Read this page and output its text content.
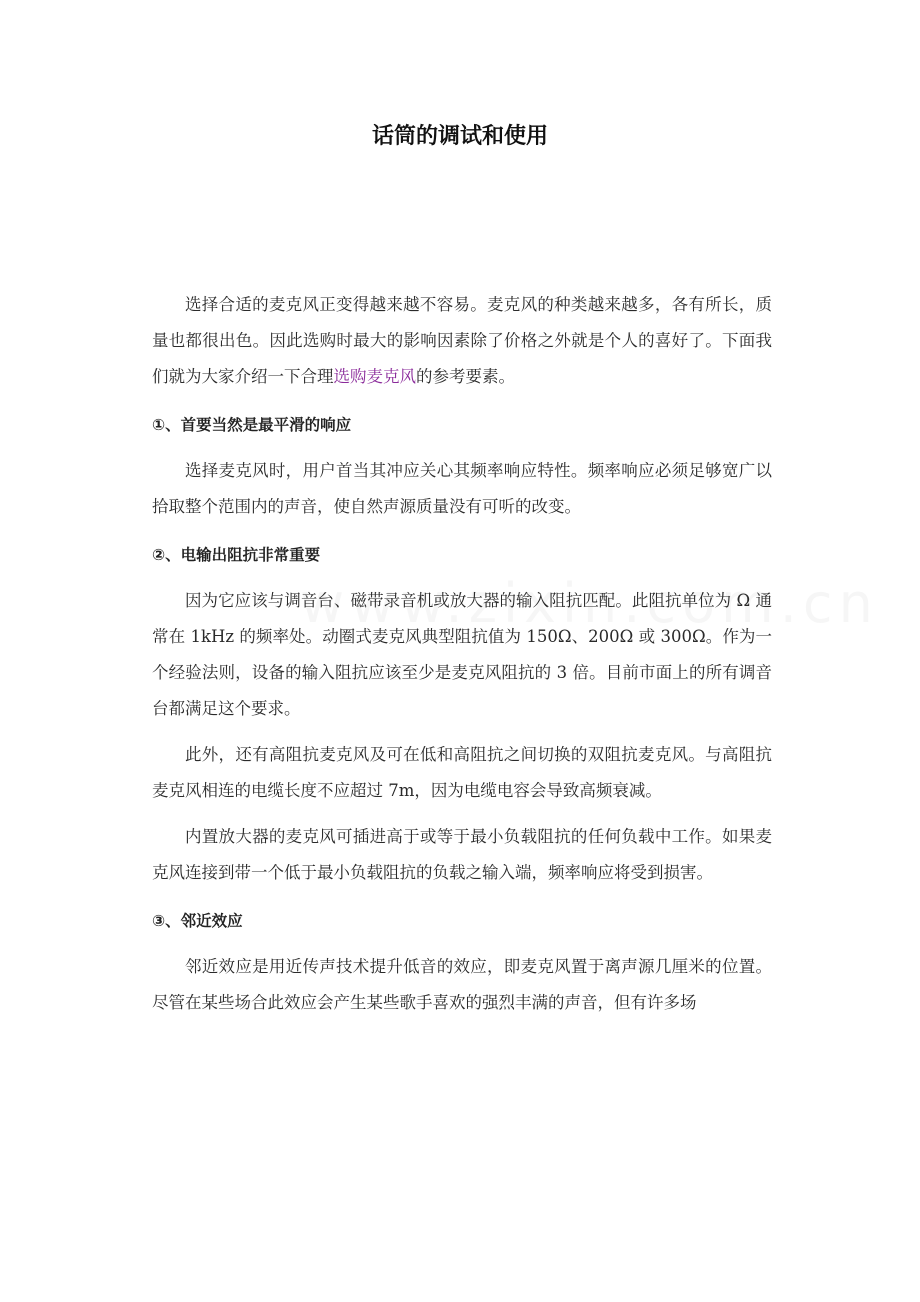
话筒的调试和使用

选择合适的麦克风正变得越来越不容易。麦克风的种类越来越多，各有所长，质量也都很出色。因此选购时最大的影响因素除了价格之外就是个人的喜好了。下面我们就为大家介绍一下合理选购麦克风的参考要素。

①、首要当然是最平滑的响应

选择麦克风时，用户首当其冲应关心其频率响应特性。频率响应必须足够宽广以拾取整个范围内的声音，使自然声源质量没有可听的改变。

②、电输出阻抗非常重要

因为它应该与调音台、磁带录音机或放大器的输入阻抗匹配。此阻抗单位为 Ω 通常在 1kHz 的频率处。动圈式麦克风典型阻抗值为 150Ω、200Ω 或 300Ω。作为一个经验法则，设备的输入阻抗应该至少是麦克风阻抗的 3 倍。目前市面上的所有调音台都满足这个要求。

此外，还有高阻抗麦克风及可在低和高阻抗之间切换的双阻抗麦克风。与高阻抗麦克风相连的电缆长度不应超过 7m，因为电缆电容会导致高频衰减。

内置放大器的麦克风可插进高于或等于最小负载阻抗的任何负载中工作。如果麦克风连接到带一个低于最小负载阻抗的负载之输入端，频率响应将受到损害。

③、邻近效应

邻近效应是用近传声技术提升低音的效应，即麦克风置于离声源几厘米的位置。尽管在某些场合此效应会产生某些歌手喜欢的强烈丰满的声音，但有许多场
